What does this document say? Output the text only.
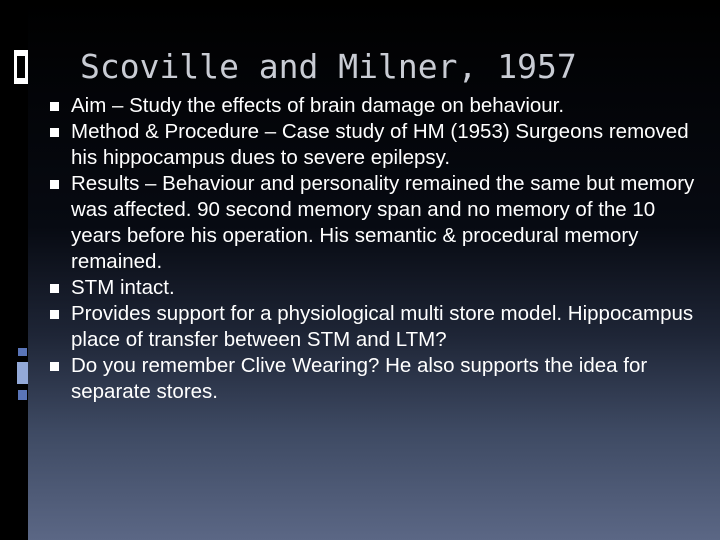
Scoville and Milner, 1957
Aim – Study the effects of brain damage on behaviour.
Method & Procedure – Case study of HM (1953) Surgeons removed his hippocampus dues to severe epilepsy.
Results – Behaviour and personality remained the same but memory was affected. 90 second memory span and no memory of the 10 years before his operation. His semantic & procedural memory remained.
STM intact.
Provides support for a physiological multi store model. Hippocampus place of transfer between STM and LTM?
Do you remember Clive Wearing? He also supports the idea for separate stores.
